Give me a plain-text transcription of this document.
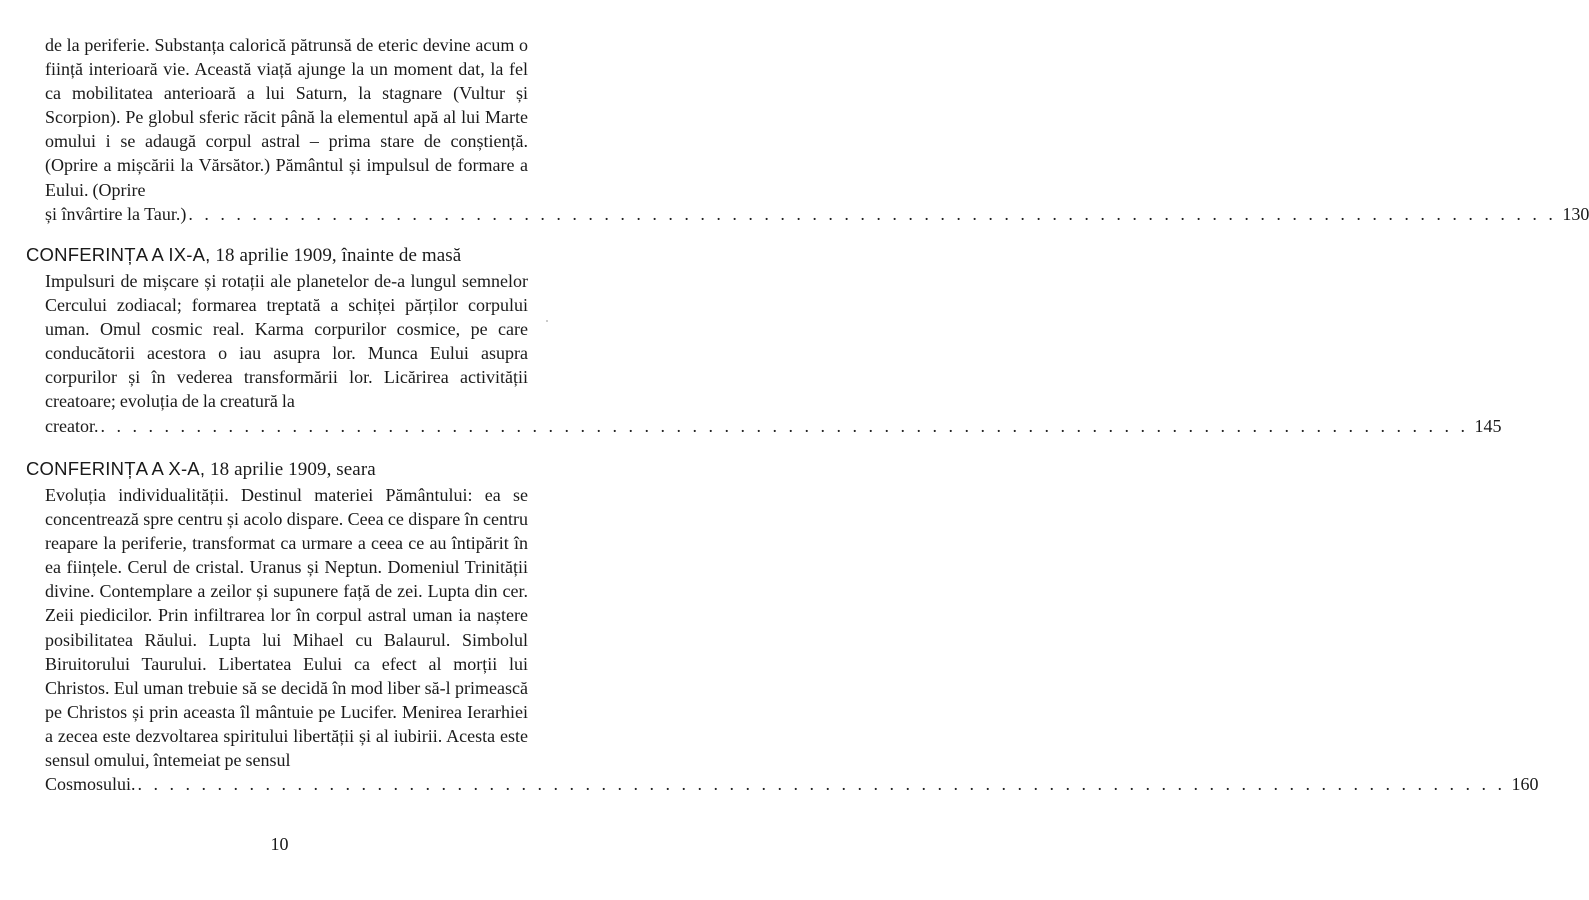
de la periferie. Substanța calorică pătrunsă de eteric devine acum o ființă interioară vie. Această viață ajunge la un moment dat, la fel ca mobilitatea anterioară a lui Saturn, la stagnare (Vultur și Scorpion). Pe globul sferic răcit până la elementul apă al lui Marte omului i se adaugă corpul astral – prima stare de conștiență. (Oprire a mișcării la Vărsător.) Pământul și impulsul de formare a Eului. (Oprire
și învârtire la Taur.) . . . . . . . . . . . . . . . . . . . . . . . . . . . . . . . . . . . . . . . . . . . . . . . . . . . . . . . . . . . . . . . . . . . . . . . . . . . . . . . . . . . . . . 130
CONFERINȚA A IX-A, 18 aprilie 1909, înainte de masă
Impulsuri de mișcare și rotații ale planetelor de-a lungul semnelor Cercului zodiacal; formarea treptată a schiței părților corpului uman. Omul cosmic real. Karma corpurilor cosmice, pe care conducătorii acestora o iau asupra lor. Munca Eului asupra corpurilor și în vederea transformării lor. Licărirea activității creatoare; evoluția de la creatură la
creator. . . . . . . . . . . . . . . . . . . . . . . . . . . . . . . . . . . . . . . . . . . . . . . . . . . . . . . . . . . . . . . . . . . . . . . . . . . . . . . . . . . . . . . 145
CONFERINȚA A X-A, 18 aprilie 1909, seara
Evoluția individualității. Destinul materiei Pământului: ea se concentrează spre centru și acolo dispare. Ceea ce dispare în centru reapare la periferie, transformat ca urmare a ceea ce au întipărit în ea ființele. Cerul de cristal. Uranus și Neptun. Domeniul Trinității divine. Contemplare a zeilor și supunere față de zei. Lupta din cer. Zeii piedicilor. Prin infiltrarea lor în corpul astral uman ia naștere posibilitatea Răului. Lupta lui Mihael cu Balaurul. Simbolul Biruitorului Taurului. Libertatea Eului ca efect al morții lui Christos. Eul uman trebuie să se decidă în mod liber să-l primească pe Christos și prin aceasta îl mântuie pe Lucifer. Menirea Ierarhiei a zecea este dezvoltarea spiritului libertății și al iubirii. Acesta este sensul omului, întemeiat pe sensul
Cosmosului. . . . . . . . . . . . . . . . . . . . . . . . . . . . . . . . . . . . . . . . . . . . . . . . . . . . . . . . . . . . . . . . . . . . . . . . . . . . . . . . . . . . . . . 160
10
